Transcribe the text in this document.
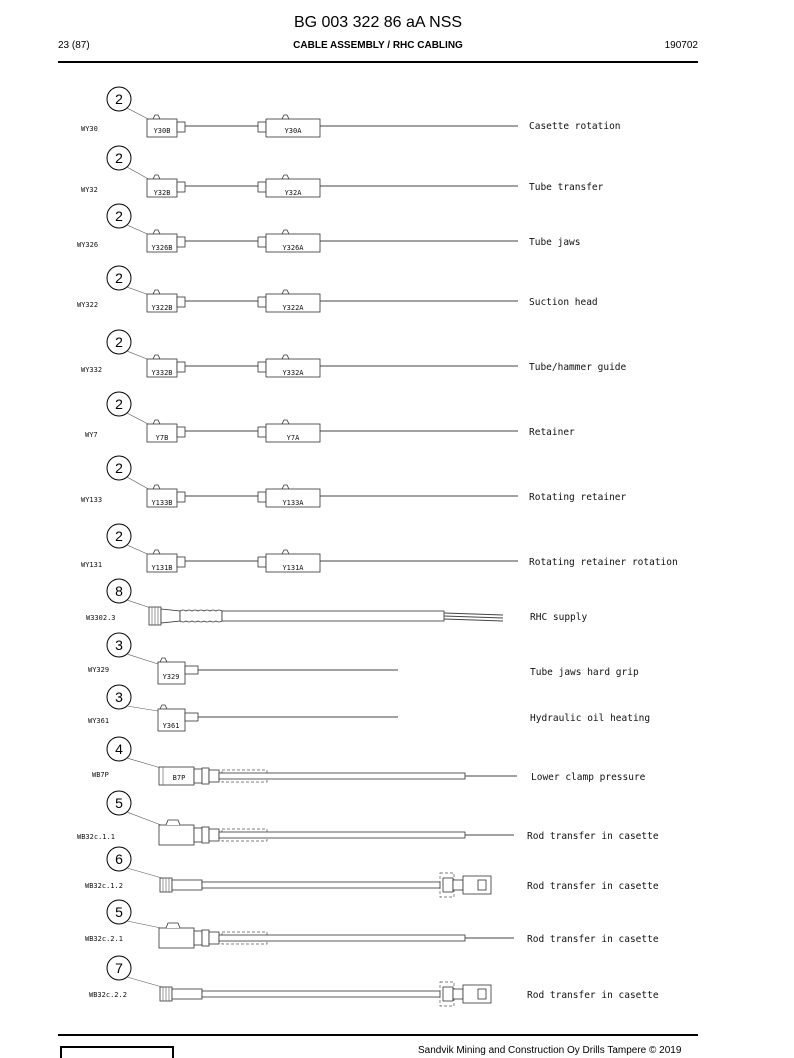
BG 003 322 86 aA NSS
23 (87)	CABLE ASSEMBLY / RHC CABLING	190702
2
WY30	Y30B	Y30A	Casette rotation
2
WY32	Y32B	Y32A	Tube transfer
2
WY326	Y326B	Y326A	Tube jaws
2
WY322	Y322B	Y322A	Suction head
2
WY332	Y332B	Y332A	Tube/hammer guide
2
WY7	Y7B	Y7A	Retainer
2
WY133	Y133B	Y133A	Rotating retainer
2
WY131	Y131B	Y131A	Rotating retainer rotation
8
W3302.3	RHC supply
3
WY329
Y329	Tube jaws hard grip
3
WY361
Y361
Hydraulic oil heating
4
WB7P	B7P	Lower clamp pressure
5
WB32c.1.1	Rod transfer in casette
6
WB32c.1.2	Rod transfer in casette
5
WB32c.2.1	Rod transfer in casette
7
WB32c.2.2	Rod transfer in casette
Sandvik Mining and Construction Oy Drills Tampere © 2019
